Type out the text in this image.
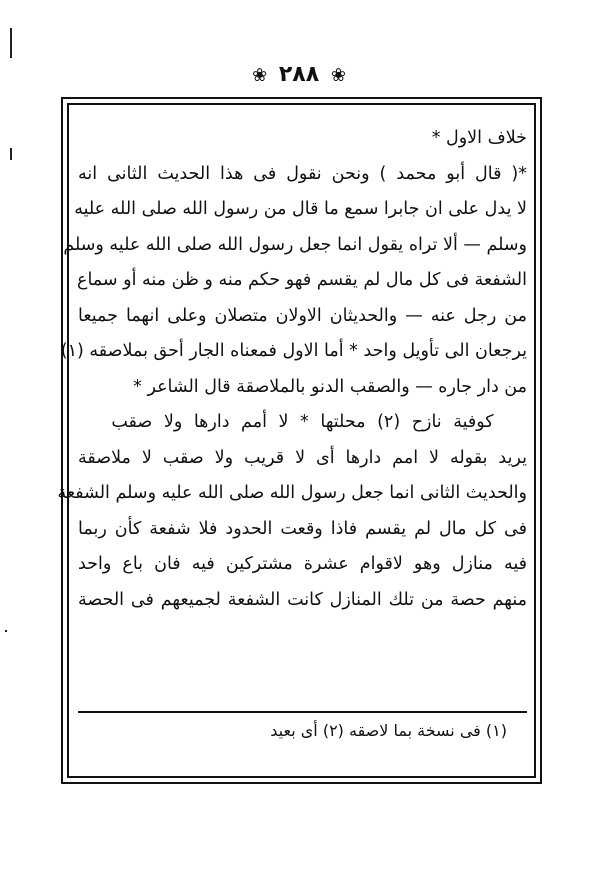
❀ ٢٨٨ ❀
خلاف الاول *
*( قال أبو محمد ) ونحن نقول فى هذا الحديث الثانى انه
لا يدل على ان جابرا سمع ما قال من رسول الله صلى الله عليه
وسلم — ألا تراه يقول انما جعل رسول الله صلى الله عليه وسلم
الشفعة فى كل مال لم يقسم فهو حكم منه و ظن منه أو سماع
من رجل عنه — والحديثان الاولان متصلان وعلى انهما جميعا
يرجعان الى تأويل واحد * أما الاول فمعناه الجار أحق بملاصقه (١)
من دار جاره — والصقب الدنو بالملاصقة قال الشاعر *
كوفية نازح (٢) محلتها * لا أمم دارها ولا صقب
يريد بقوله لا امم دارها أى لا قريب ولا صقب لا ملاصقة
والحديث الثانى انما جعل رسول الله صلى الله عليه وسلم الشفعة
فى كل مال لم يقسم فاذا وقعت الحدود فلا شفعة كأن ربما
فيه منازل وهو لاقوام عشرة مشتركين فيه فان باع واحد
منهم حصة من تلك المنازل كانت الشفعة لجميعهم فى الحصة
(١) فى نسخة بما لاصقه (٢) أى بعيد
